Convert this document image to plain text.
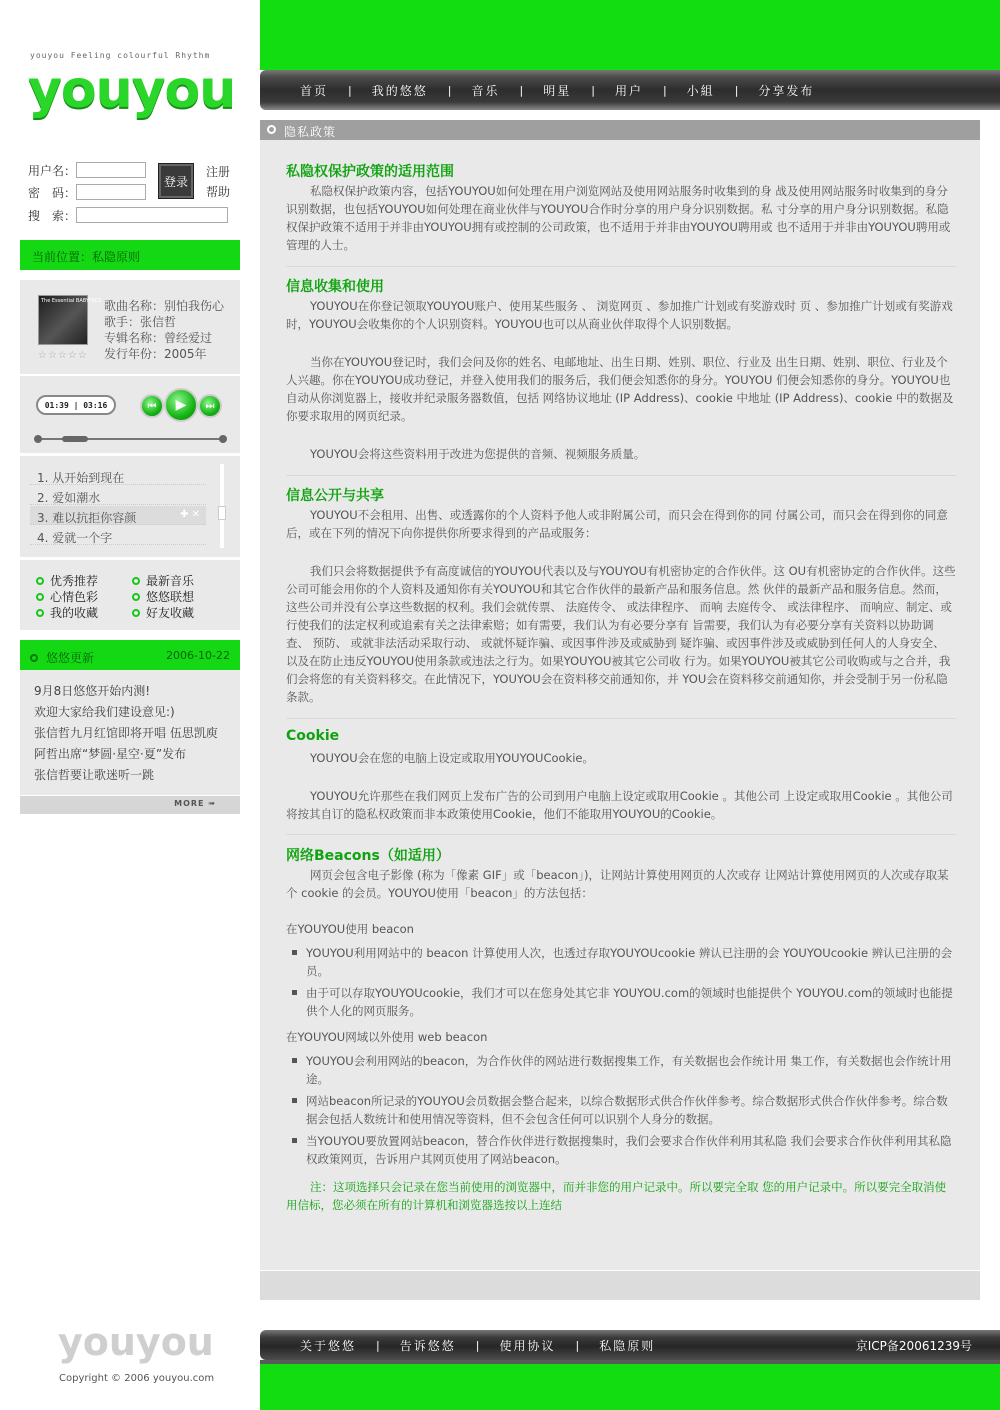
youyou Feeling colourful Rhythm
youyou
用户名：
密　码：
搜　索：
登录
注册
帮助
当前位置：私隐原则
The Essential BABYFACE
☆☆☆☆☆
歌曲名称：别怕我伤心
歌手：张信哲
专辑名称：曾经爱过
发行年份：2005年
01:39 | 03:16	⏮	▶	⏭
1. 从开始到现在
2. 爱如潮水
3. 难以抗拒你容颜	✚ ✕
4. 爱就一个字
优秀推荐	最新音乐
心情色彩	悠悠联想
我的收藏	好友收藏
悠悠更新	2006-10-22
9月8日悠悠开始内测!
欢迎大家给我们建设意见:)
张信哲九月红馆即将开唱 伍思凯庾
阿哲出席“梦圆·星空·夏”发布
张信哲要让歌迷听一跳
MORE ➠
youyou
Copyright © 2006 youyou.com
首页 | 我的悠悠 | 音乐 | 明星 | 用户 | 小組 | 分享发布
隐私政策
私隐权保护政策的适用范围
私隐权保护政策内容，包括YOUYOU如何处理在用户浏览网站及使用网站服务时收集到的身 战及使用网站服务时收集到的身分识别数据，也包括YOUYOU如何处理在商业伙伴与YOUYOU合作时分享的用户身分识别数据。私 寸分享的用户身分识别数据。私隐权保护政策不适用于并非由YOUYOU拥有或控制的公司政策，也不适用于并非由YOUYOU聘用或 也不适用于并非由YOUYOU聘用或管理的人士。
信息收集和使用
YOUYOU在你登记领取YOUYOU账户、使用某些服务 、 浏览网页 、参加推广计划或有奖游戏时 页 、参加推广计划或有奖游戏时，YOUYOU会收集你的个人识别资料。YOUYOU也可以从商业伙伴取得个人识别数据。
当你在YOUYOU登记时，我们会问及你的姓名、电邮地址、出生日期、姓别、职位、行业及 出生日期、姓别、职位、行业及个人兴趣。你在YOUYOU成功登记，并登入使用我们的服务后，我们便会知悉你的身分。YOUYOU 们便会知悉你的身分。YOUYOU也自动从你浏览器上，接收并纪录服务器数值，包括 网络协议地址 (IP Address)、cookie 中地址 (IP Address)、cookie 中的数据及你要求取用的网页纪录。
YOUYOU会将这些资料用于改进为您提供的音频、视频服务质量。
信息公开与共享
YOUYOU不会租用、出售、或透露你的个人资料予他人或非附属公司，而只会在得到你的同 付属公司，而只会在得到你的同意后，或在下列的情况下向你提供你所要求得到的产品或服务：
我们只会将数据提供予有高度诚信的YOUYOU代表以及与YOUYOU有机密协定的合作伙伴。这 OU有机密协定的合作伙伴。这些公司可能会用你的个人资料及通知你有关YOUYOU和其它合作伙伴的最新产品和服务信息。然 伙伴的最新产品和服务信息。然而， 这些公司并没有公享这些数据的权利。我们会就传票、 法庭传令、 或法律程序、 而响 去庭传令、 或法律程序、 而响应、制定、或行使我们的法定权利或追索有关之法律索赔；如有需要，我们认为有必要分享有 旨需要，我们认为有必要分享有关资料以协助调查、 预防、 或就非法活动采取行动、 或就怀疑诈骗、或因事件涉及或威胁到 疑诈骗、或因事件涉及或威胁到任何人的人身安全、 以及在防止违反YOUYOU使用条款或违法之行为。如果YOUYOU被其它公司收 行为。如果YOUYOU被其它公司收购或与之合并，我们会将您的有关资料移交。在此情况下，YOUYOU会在资料移交前通知你，并 YOU会在资料移交前通知你，并会受制于另一份私隐条款。
Cookie
YOUYOU会在您的电脑上设定或取用YOUYOUCookie。
YOUYOU允许那些在我们网页上发布广告的公司到用户电脑上设定或取用Cookie 。其他公司 上设定或取用Cookie 。其他公司将按其自订的隐私权政策而非本政策使用Cookie，他们不能取用YOUYOU的Cookie。
网络Beacons（如适用）
网页会包含电子影像 (称为「像素 GIF」或「beacon」)，让网站计算使用网页的人次或存 让网站计算使用网页的人次或存取某个 cookie 的会员。YOUYOU使用「beacon」的方法包括：
在YOUYOU使用 beacon
YOUYOU利用网站中的 beacon 计算使用人次，也透过存取YOUYOUcookie 辨认已注册的会 YOUYOUcookie 辨认已注册的会员。
由于可以存取YOUYOUcookie，我们才可以在您身处其它非 YOUYOU.com的领域时也能提供个 YOUYOU.com的领域时也能提供个人化的网页服务。
在YOUYOU网域以外使用 web beacon
YOUYOU会利用网站的beacon，为合作伙伴的网站进行数据搜集工作，有关数据也会作统计用 集工作，有关数据也会作统计用途。
网站beacon所记录的YOUYOU会员数据会整合起来，以综合数据形式供合作伙伴参考。综合数据形式供合作伙伴参考。综合数据会包括人数统计和使用情况等资料，但不会包含任何可以识别个人身分的数据。
当YOUYOU要放置网站beacon，替合作伙伴进行数据搜集时，我们会要求合作伙伴利用其私隐 我们会要求合作伙伴利用其私隐权政策网页，告诉用户其网页使用了网站beacon。
注：这项选择只会记录在您当前使用的浏览器中，而并非您的用户记录中。所以要完全取 您的用户记录中。所以要完全取消使用信标，您必须在所有的计算机和浏览器选按以上连结
关于悠悠 | 告诉悠悠 | 使用协议 | 私隐原则	京ICP备20061239号
